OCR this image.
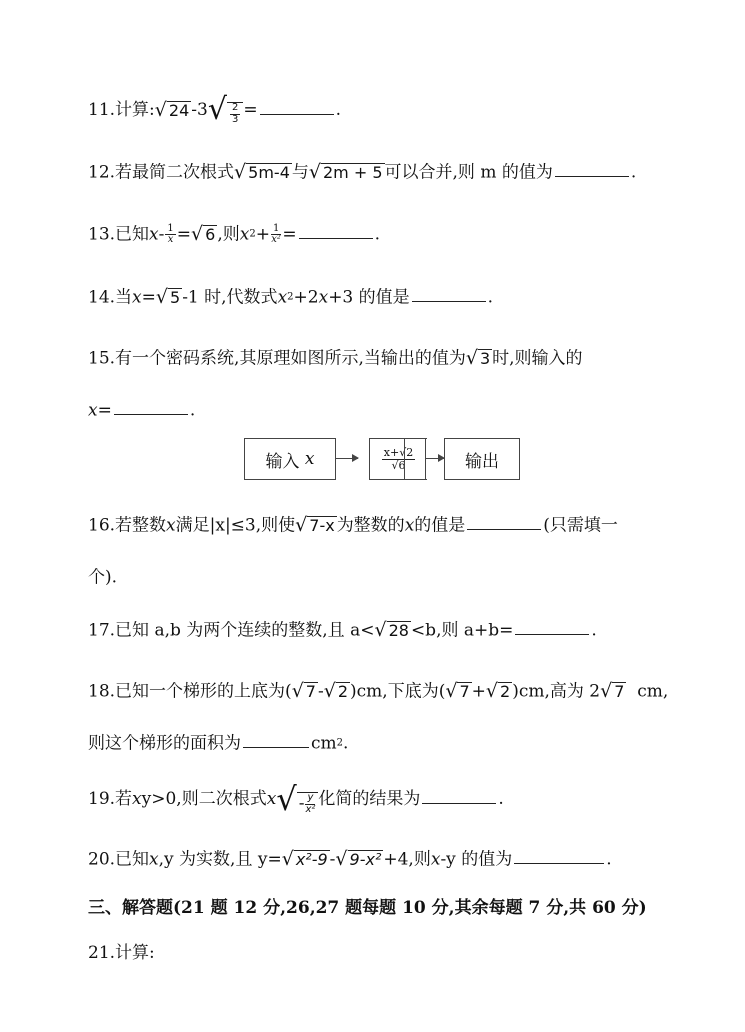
11.计算: √ 24 -3 √ $\frac{2}{3}$ =	.
12.若最简二次根式 √ 5m-4 与 √ 2m + 5 可以合并,则 m 的值为	.
13.已知$x- \frac{1}{x}$ = √ 6 ,则$x2+ \frac{1}{\text{x²}}$ =	.
14.当x= √ 5 -1 时,代数式x2+2x+3 的值是	.
15.有一个密码系统,其原理如图所示,当输出的值为 √ 3 时,则输入的
x=	.
输入
x	$\frac{x+√2}{√6}$	输出
16.若整数x满足|x|≤3,则使 √ 7-x 为整数的x的值是	(只需填一
个).
17.已知 a,b 为两个连续的整数,且 a< √ 28 <b,则 a+b=	.
18.已知一个梯形的上底为( √ 7 - √ 2 )cm,下底为( √ 7 + √ 2 )cm,高为 2 √ 7 cm,
则这个梯形的面积为	cm2.
19.若xy>0,则二次根式x √ - $\frac{y}{\text{x²}}$ 化简的结果为	.
20.已知x,y 为实数,且 y= √ x²-9 - √ 9-x² +4,则x-y 的值为	.
三、解答题(21 题 12 分,26,27 题每题 10 分,其余每题 7 分,共 60 分)
21.计算:
